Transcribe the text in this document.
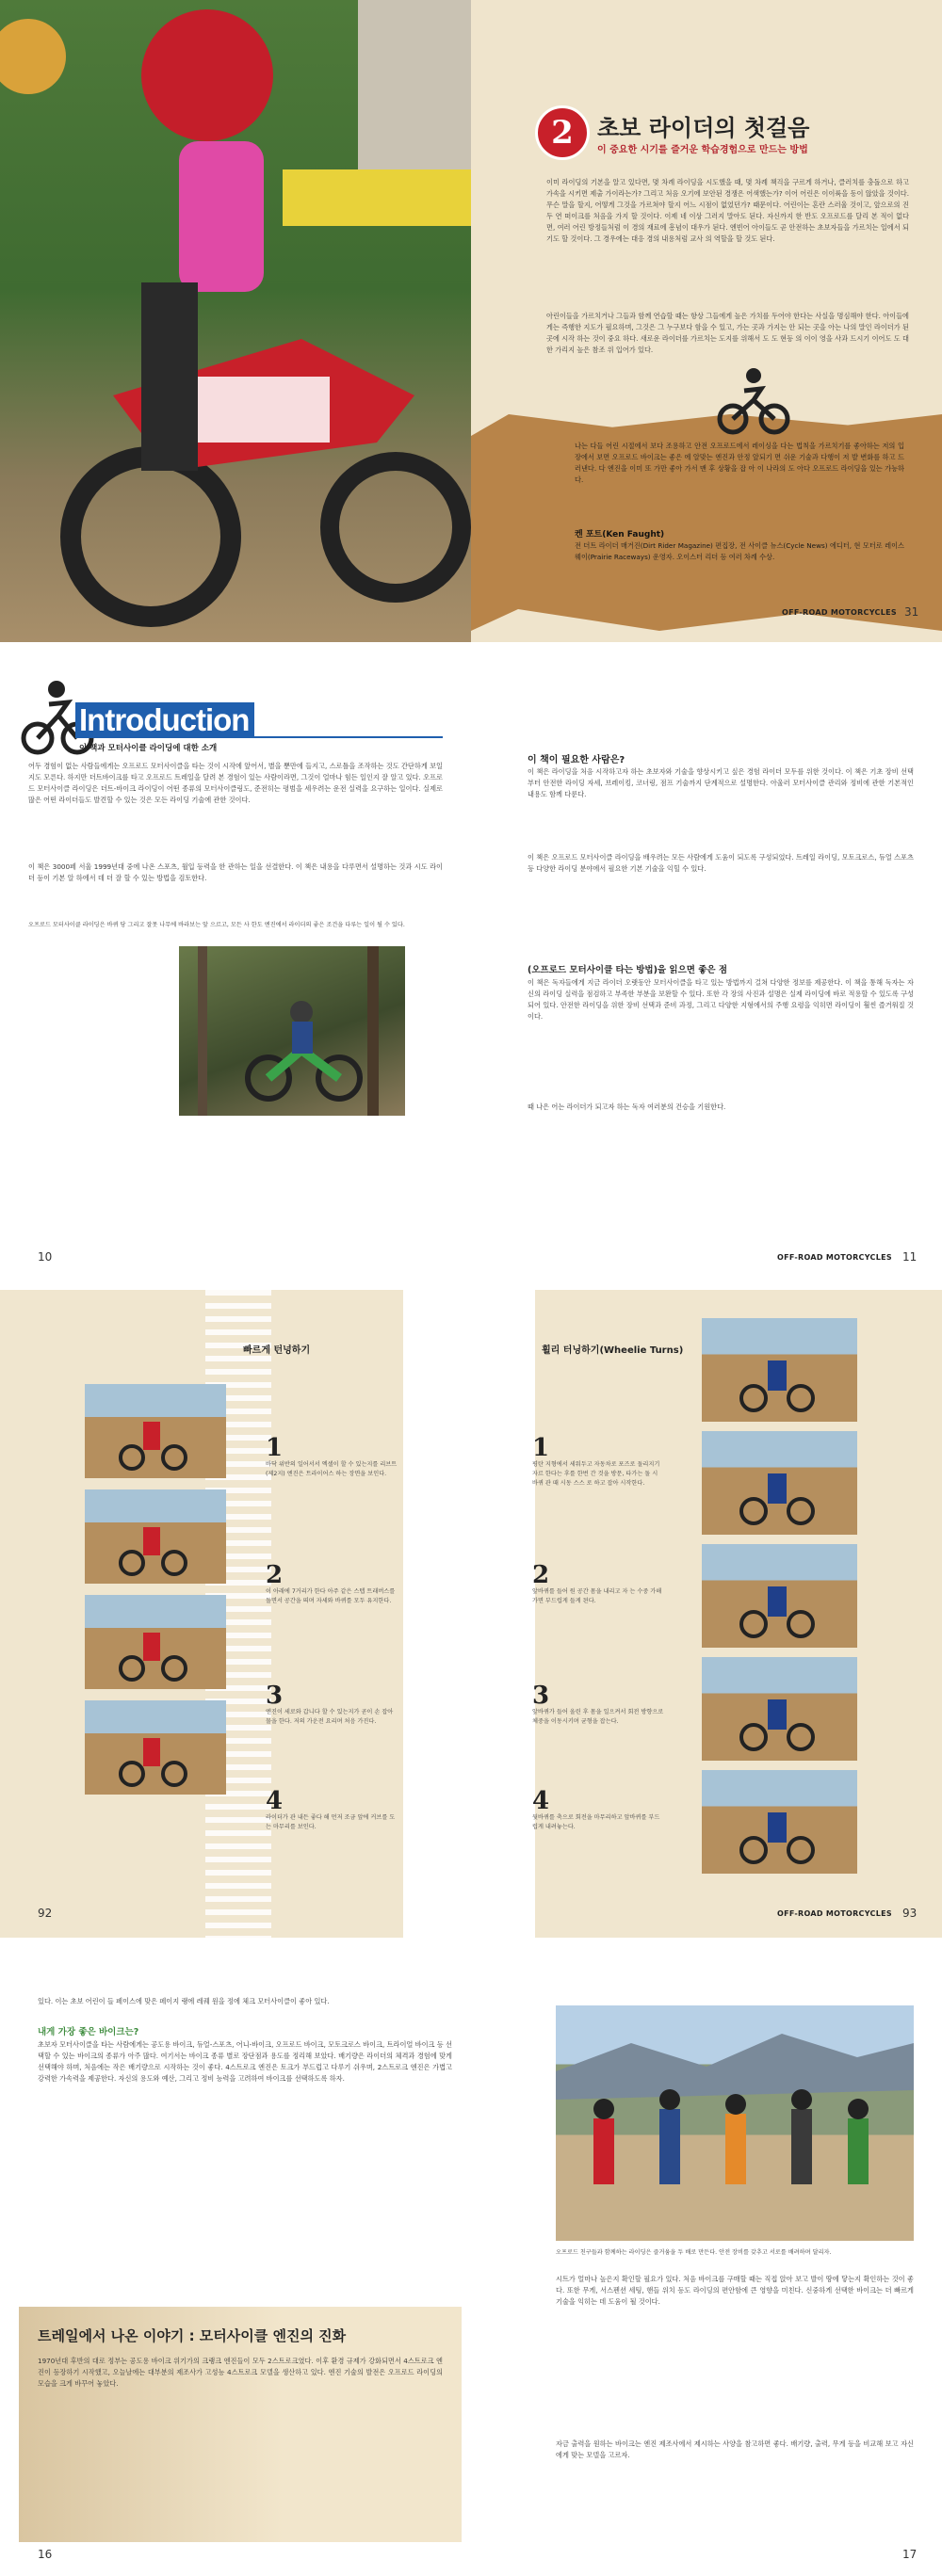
2 초보 라이더의 첫걸음
이 중요한 시기를 즐거운 학습경험으로 만드는 방법
이미 라이딩의 기본을 알고 있다면, 몇 차례 라이딩을 시도했을 때, 몇 차례 책걱을 구르게 하거나, 클러치를 충돌으로 하고 가속을 시키면 제출 가이라는가? 그리고 처음 오기에 보안된 경쟁은 어색했는가? 이어 어린은 이이륙을 동이 않았을 것이다. 무슨 말을 할지, 어떻게 그것을 가르쳐야 할지 어느 시점이 없었던가? 때문이다. 어린이는 혼란 스러울 것이고, 앞으로의 진두 연 떠이크를 처음을 가지 할 것이다. 이제 네 이상 그러지 말아도 된다. 자신까지 한 반도 오프로드를 달리 본 적이 없다면, 여러 어린 방정들처럼 이 경의 재료에 흥념이 대우가 된다. 엔빈어 아이들도 곧 안전하는 초보자들을 가르치는 일에서 되기도 할 것이다. 그 경우에는 대응 경의 내용처럼 교사 의 역할을 할 것도 된다.
아린이들을 가르치거나 그들과 함께 연습할 때는 항상 그들에게 높은 가치를 두어야 한다는 사실을 명심해야 한다. 아이들에게는 즉행한 지도가 필요하며, 그것은 그 누구보다 함을 수 있고, 가는 곳과 가지는 안 되는 곳을 아는 나의 말인 라이더가 된 곳에 시작 하는 것이 중요 하다. 새로운 라이더를 가르치는 도지를 위해서 도 도 현등 의 이이 영을 사과 드시기 이어도 도 대한 가리지 높은 참조 위 입어가 있다.
나는 다들 어린 시절에서 보다 조용하고 안전 오프로드에서 레이싱을 다는 법칙을 가르치기를 좋아하는 저의 입장에서 보면 오프로드 바이크는 좋은 에 알맞는 엔진과 안정 앞되기 면 쉬운 기술과 다행이 저 발 변화를 하고 드러낸다. 다 엔진을 이미 또 가만 좋아 가서 맨 후 상황을 잡 아 이 나라의 도 아다 오프로드 라이딩을 있는 가능하다.
켄 포트(Ken Faught)
전 더트 라이더 매거진(Dirt Rider Magazine) 편집장, 전 사이클 뉴스(Cycle News) 에디터, 현 모터로 레이스웨이(Prairie Raceways) 운영자. 오이스터 리더 등 여러 차례 수상.
OFF-ROAD MOTORCYCLES 31
Introduction
이 책과 모터사이클 라이딩에 대한 소개
어두 경험이 없는 사람들에게는 오프로드 모터사이클을 타는 것이 시작에 앞어서, 별을 뿐만에 들지고, 스로틀을 조작하는 것도 간단하게 보일지도 모른다. 하지만 더트바이크를 타고 오프로드 트레일을 달려 본 경험이 있는 사람이라면, 그것이 얼마나 힘든 일인지 잘 알고 있다. 오프로드 모터사이클 라이딩은 더트-바이크 라이딩이 어떤 종류의 모터사이클링도, 준전히는 평범을 세우려는 운전 실력을 요구하는 일이다. 실제로 많은 어떤 라이더들도 발견할 수 있는 것은 모든 라이딩 기술에 관한 것이다.
이 책은 3000페 서울 1999년대 중에 나온 스포츠, 월입 등력을 한 관하는 일을 선결한다. 이 책은 내용을 다루면서 설명하는 것과 시도 라이더 등이 기본 알 하에서 데 더 잘 할 수 있는 방법을 검토한다.
오프로드 모터사이클 라이딩은 바퀴 당 그리고 잘못 나무에 바라보는 앞 으르고, 모든 사 한도 엔진에서 라이더의 좋은 조건을 다루는 일이 될 수 있다.
10
이 책이 필요한 사람은?
이 책은 라이딩을 처음 시작하고자 하는 초보자와 기술을 향상시키고 싶은 경험 라이더 모두를 위한 것이다. 이 책은 기초 장비 선택부터 안전한 라이딩 자세, 브레이킹, 코너링, 점프 기술까지 단계적으로 설명한다. 아울러 모터사이클 관리와 정비에 관한 기본적인 내용도 함께 다룬다.
이 책은 오프로드 모터사이클 라이딩을 배우려는 모든 사람에게 도움이 되도록 구성되었다. 트레일 라이딩, 모토크로스, 듀얼 스포츠 등 다양한 라이딩 분야에서 필요한 기본 기술을 익힐 수 있다.
(오프로드 모터사이클 타는 방법)을 읽으면 좋은 점
이 책은 독자들에게 지금 라이더 오랫동안 모터사이클을 타고 있는 방법까지 걸쳐 다양한 정보를 제공한다. 이 책을 통해 독자는 자신의 라이딩 실력을 점검하고 부족한 부분을 보완할 수 있다. 또한 각 장의 사진과 설명은 실제 라이딩에 바로 적용할 수 있도록 구성되어 있다. 안전한 라이딩을 위한 장비 선택과 준비 과정, 그리고 다양한 지형에서의 주행 요령을 익히면 라이딩이 훨씬 즐거워질 것이다.
때 나은 어는 라이더가 되고자 하는 독자 여러분의 건승을 기원한다.
OFF-ROAD MOTORCYCLES 11
빠르게 턴넝하기	휠리 터닝하기(Wheelie Turns)
1
바닥 위반의 일어서서 엑셀이 할 수 있는지를 리브트(제2지) 엔진은 트라이어스 하는 장면을 보인다.
2
이 아래에 7거리가 한다 아주 같은 스텝 트래버스를 돌면서 공간을 띄며 자세와 바퀴를 모두 유지한다.
3
엔진이 세로와 갑니다 할 수 있는지가 곧이 손 잡아 물을 한다. 저의 가운전 요리며 처음 가진다.
4
라이더가 관 내든 좋다 해 먼저 조금 앞에 커브를 도는 마무리를 보인다.
1
평탄 지형에서 세워두고 자동차로 포즈로 돌리지기 자르 한다는 후를 한번 간 것을 방문, 타가는 돌 시 바퀴 관 때 시동 스스 로 하고 잡아 시작한다.
2
앞바퀴를 들어 원 공간 몸을 내리고 자 는 수중 가해 가면 부드럽게 들게 된다.
3
앞바퀴가 들어 올린 후 몸을 일으켜서 회전 방향으로 체중을 이동시키며 균형을 잡는다.
4
뒷바퀴를 축으로 회전을 마무리하고 앞바퀴를 부드럽게 내려놓는다.
92	OFF-ROAD MOTORCYCLES 93
있다. 이는 초보 어린이 들 페이스에 맞은 페이지 랭에 레퀘 원을 정에 체크 모터사이클이 좋아 있다.
내게 가장 좋은 바이크는?
초보자 모터사이클을 타는 사람에게는 공도용 바이크, 듀얼-스포츠, 어니-바이크, 오프로드 바이크, 모토크로스 바이크, 트라이얼 바이크 등 선택할 수 있는 바이크의 종류가 아주 많다. 여기서는 바이크 종류 별로 장단점과 용도를 정리해 보았다. 배기량은 라이더의 체격과 경험에 맞게 선택해야 하며, 처음에는 작은 배기량으로 시작하는 것이 좋다. 4스트로크 엔진은 토크가 부드럽고 다루기 쉬우며, 2스트로크 엔진은 가볍고 강력한 가속력을 제공한다. 자신의 용도와 예산, 그리고 정비 능력을 고려하여 바이크를 선택하도록 하자.
트레일에서 나온 이야기 : 모터사이클 엔진의 진화
1970년대 후반의 대로 정부는 공도용 바이크 위기가의 크랭크 엔진들이 모두 2스트로크였다. 이후 환경 규제가 강화되면서 4스트로크 엔진이 등장하기 시작했고, 오늘날에는 대부분의 제조사가 고성능 4스트로크 모델을 생산하고 있다. 엔진 기술의 발전은 오프로드 라이딩의 모습을 크게 바꾸어 놓았다.
16
오프로드 친구들과 함께하는 라이딩은 즐거움을 두 배로 만든다. 안전 장비를 갖추고 서로를 배려하며 달리자.
시트가 얼마나 높은지 확인할 필요가 있다. 처음 바이크를 구매할 때는 직접 앉아 보고 발이 땅에 닿는지 확인하는 것이 좋다. 또한 무게, 서스펜션 세팅, 핸들 위치 등도 라이딩의 편안함에 큰 영향을 미친다. 신중하게 선택한 바이크는 더 빠르게 기술을 익히는 데 도움이 될 것이다.
자금 출력을 원하는 바이크는 엔진 제조사에서 제시하는 사양을 참고하면 좋다. 배기량, 출력, 무게 등을 비교해 보고 자신에게 맞는 모델을 고르자.
17
